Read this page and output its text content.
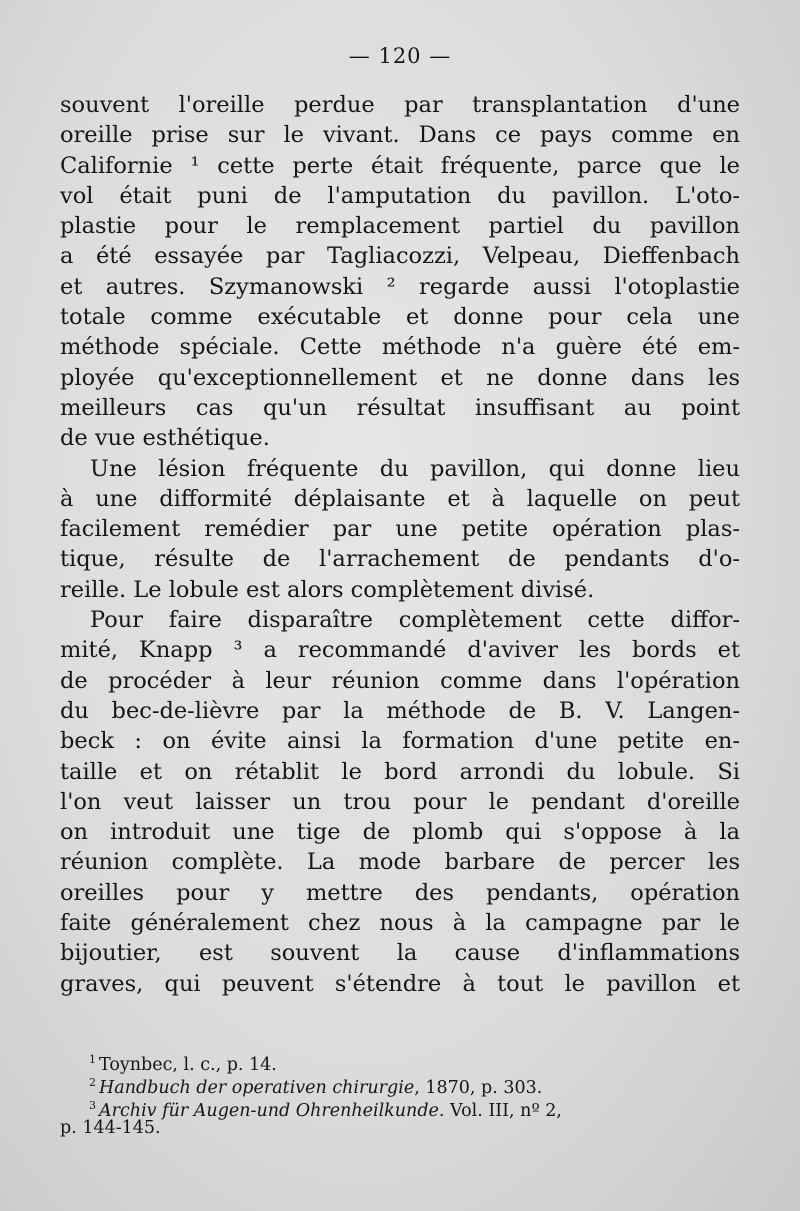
— 120 —
souvent l'oreille perdue par transplantation d'une
oreille prise sur le vivant. Dans ce pays comme en
Californie ¹ cette perte était fréquente, parce que le
vol était puni de l'amputation du pavillon. L'oto-
plastie pour le remplacement partiel du pavillon
a été essayée par Tagliacozzi, Velpeau, Dieffenbach
et autres. Szymanowski ² regarde aussi l'otoplastie
totale comme exécutable et donne pour cela une
méthode spéciale. Cette méthode n'a guère été em-
ployée qu'exceptionnellement et ne donne dans les
meilleurs cas qu'un résultat insuffisant au point
de vue esthétique.
Une lésion fréquente du pavillon, qui donne lieu
à une difformité déplaisante et à laquelle on peut
facilement remédier par une petite opération plas-
tique, résulte de l'arrachement de pendants d'o-
reille. Le lobule est alors complètement divisé.
Pour faire disparaître complètement cette diffor-
mité, Knapp ³ a recommandé d'aviver les bords et
de procéder à leur réunion comme dans l'opération
du bec-de-lièvre par la méthode de B. V. Langen-
beck : on évite ainsi la formation d'une petite en-
taille et on rétablit le bord arrondi du lobule. Si
l'on veut laisser un trou pour le pendant d'oreille
on introduit une tige de plomb qui s'oppose à la
réunion complète. La mode barbare de percer les
oreilles pour y mettre des pendants, opération
faite généralement chez nous à la campagne par le
bijoutier, est souvent la cause d'inflammations
graves, qui peuvent s'étendre à tout le pavillon et
$^1$ Toynbec, l. c., p. 14.
$^2$ Handbuch der operativen chirurgie, 1870, p. 303.
$^3$ Archiv für Augen-und Ohrenheilkunde. Vol. III, nº 2,
p. 144-145.
